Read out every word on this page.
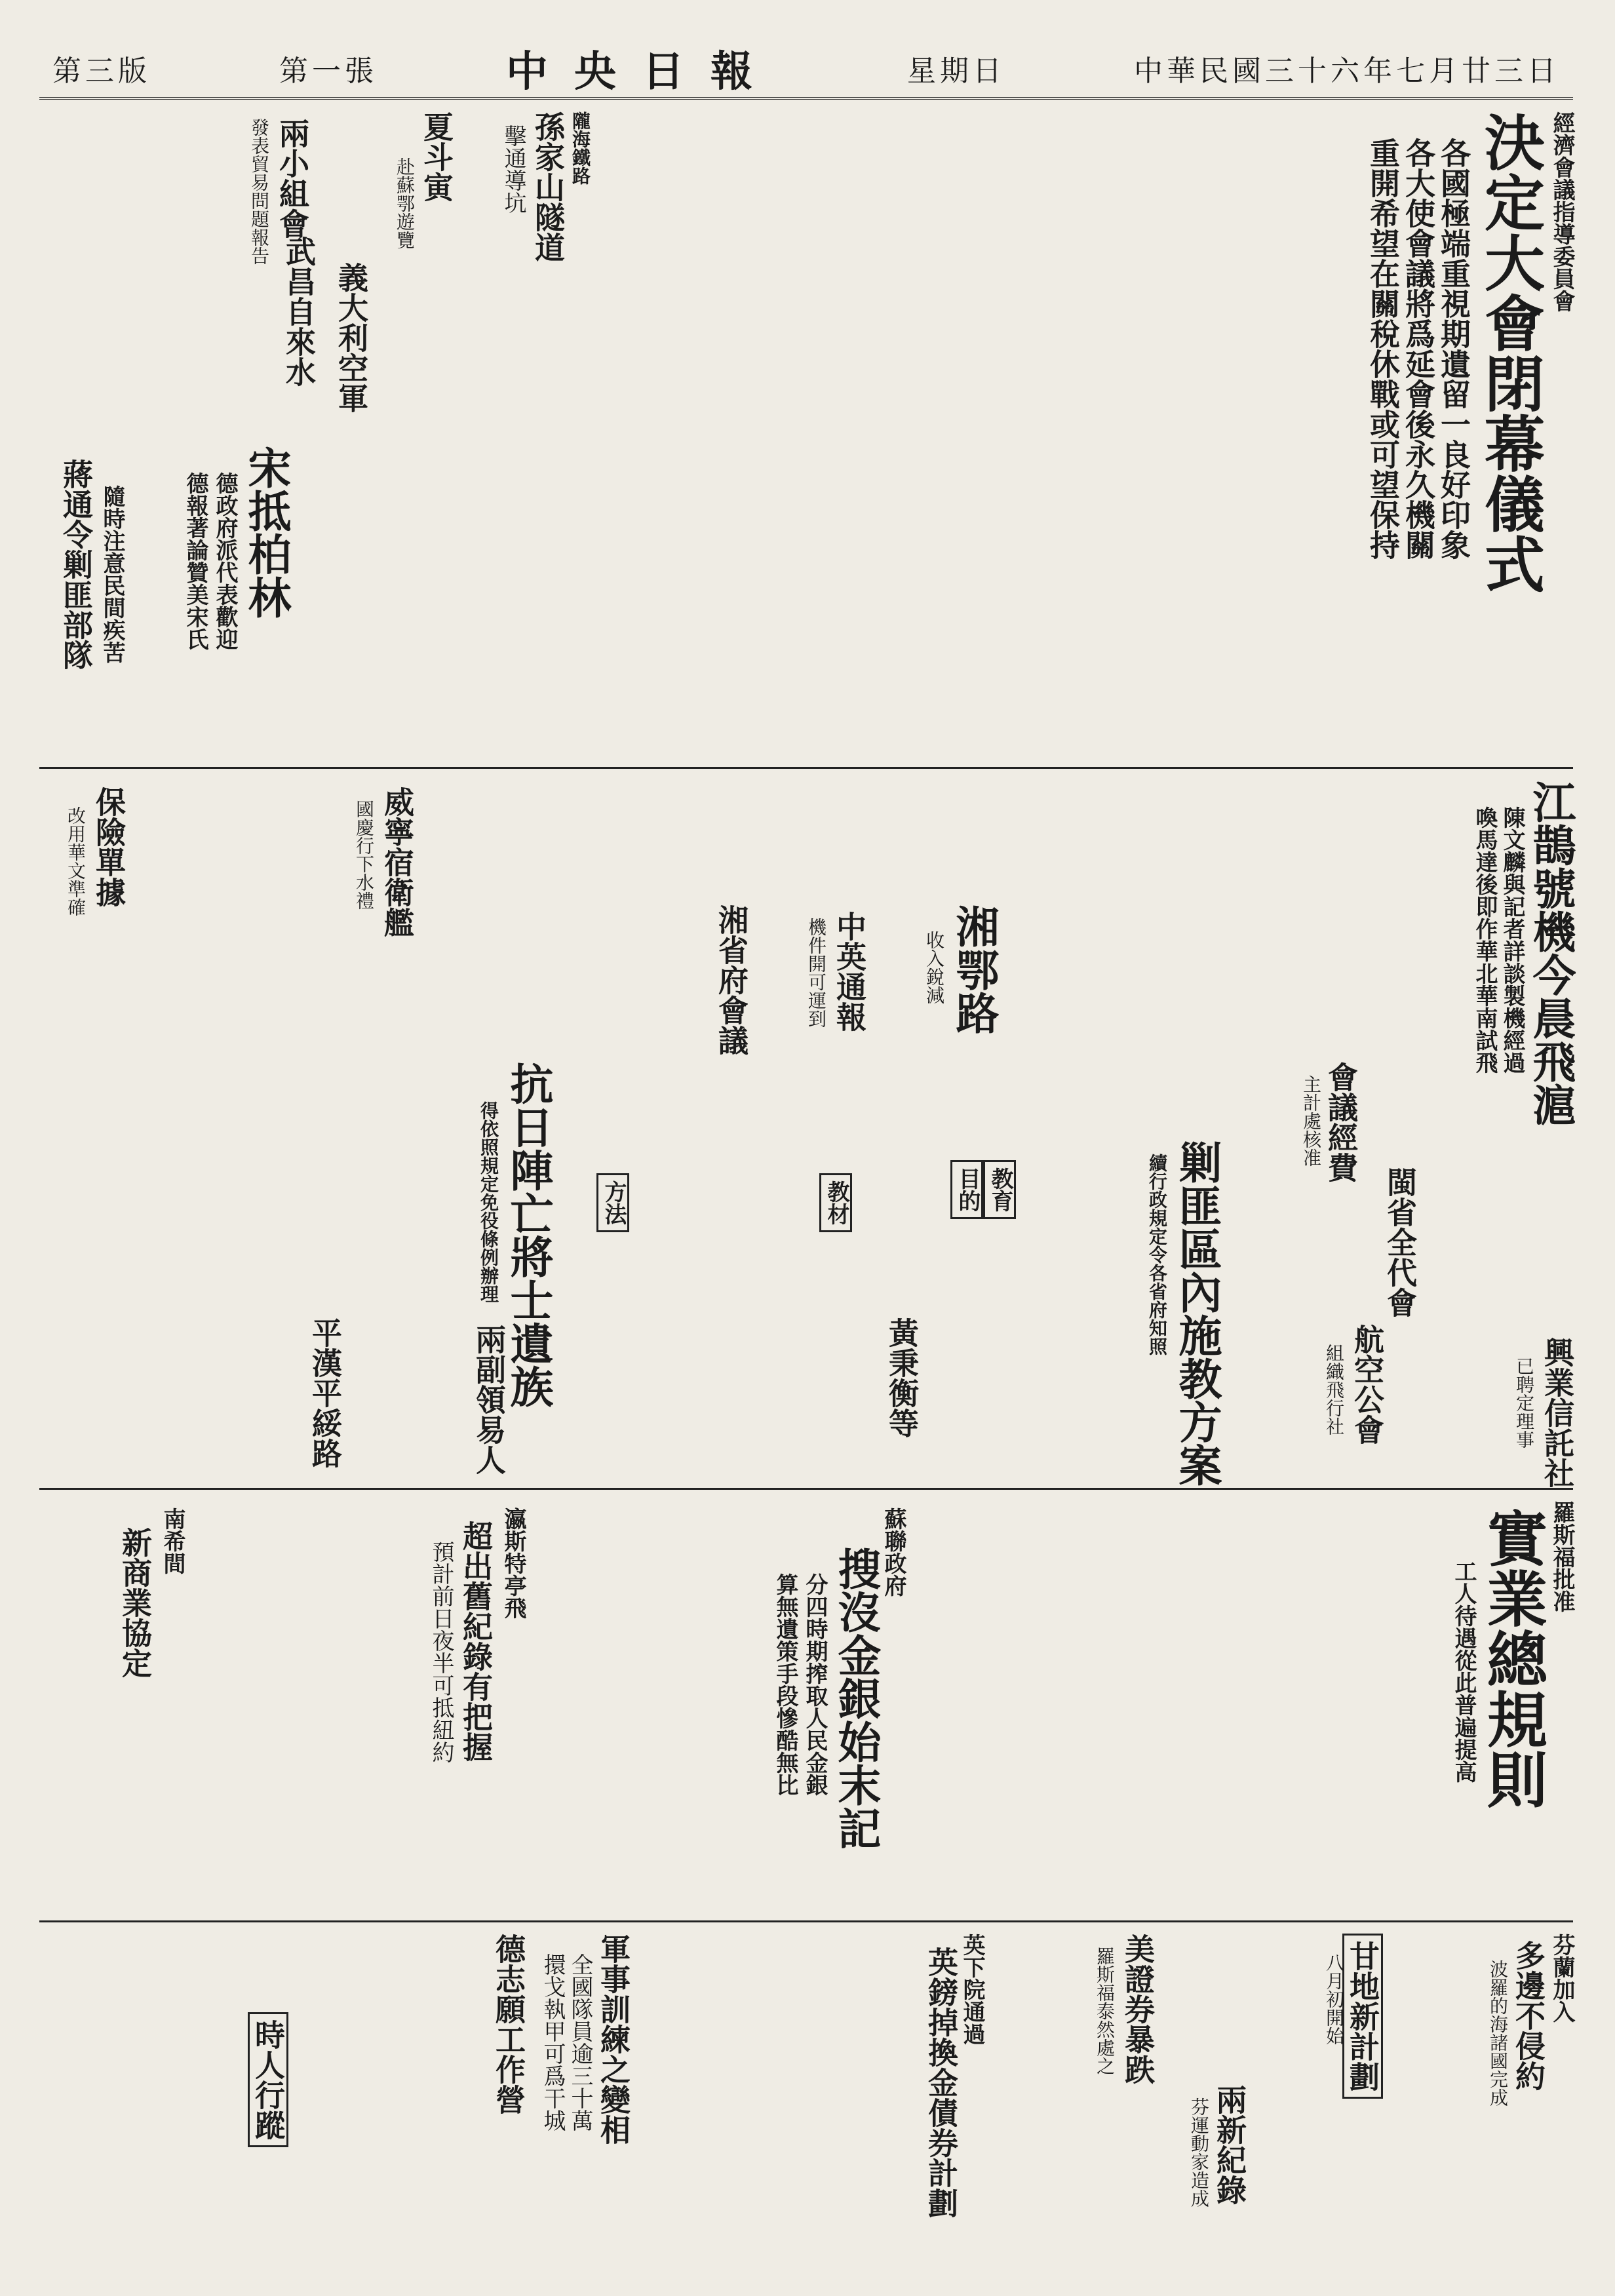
中華民國三十六年七月廿三日
星期日
中央日報
第一張
第三版
經濟會議指導委員會
決定大會閉幕儀式
各國極端重視期遺留一良好印象
各大使會議將爲延會後永久機關
重開希望在關稅休戰或可望保持
隴海鐵路
孫家山隧道
擊通導坑
夏斗寅
赴蘇鄂遊覽
義大利空軍
武昌自來水
宋抵柏林
德政府派代表歡迎
德報著論贊美宋氏
兩小組會
發表貿易問題報告
蔣通令剿匪部隊 隨時注意民間疾苦
江鵲號機今晨飛滬
陳文麟與記者詳談製機經過
喚馬達後即作華北華南試飛
閩省全代會
會議經費
主計處核准
剿匪區內施教方案
續行政規定令各省府知照
教育
目的
教材
方法
湘鄂路
收入銳減
中英通報
機件開可運到
湘省府會議
抗日陣亡將士遺族
得依照規定免役條例辦理
威寧宿衛艦
國慶行下水禮
保險單據
改用華文準確
航空公會
組織飛行社
平漢平綏路	兩副領易人	黃秉衡等
羅斯福批准
實業總規則
工人待遇從此普遍提高
興業信託社
已聘定理事
蘇聯政府
搜沒金銀始末記
分四時期搾取人民金銀
算無遺策手段慘酷無比
瀛斯特亭飛
超出舊紀錄有把握
預計前日夜半可抵紐約
南希間
新商業協定
芬蘭加入
多邊不侵約
波羅的海諸國完成
甘地新計劃
八月初開始
美證券暴跌
羅斯福泰然處之
兩新紀錄
芬運動家造成
英下院通過
英鎊掉換金債券計劃
軍事訓練之變相
全國隊員逾三十萬
擐戈執甲可爲干城
德志願工作營
時人行蹤
